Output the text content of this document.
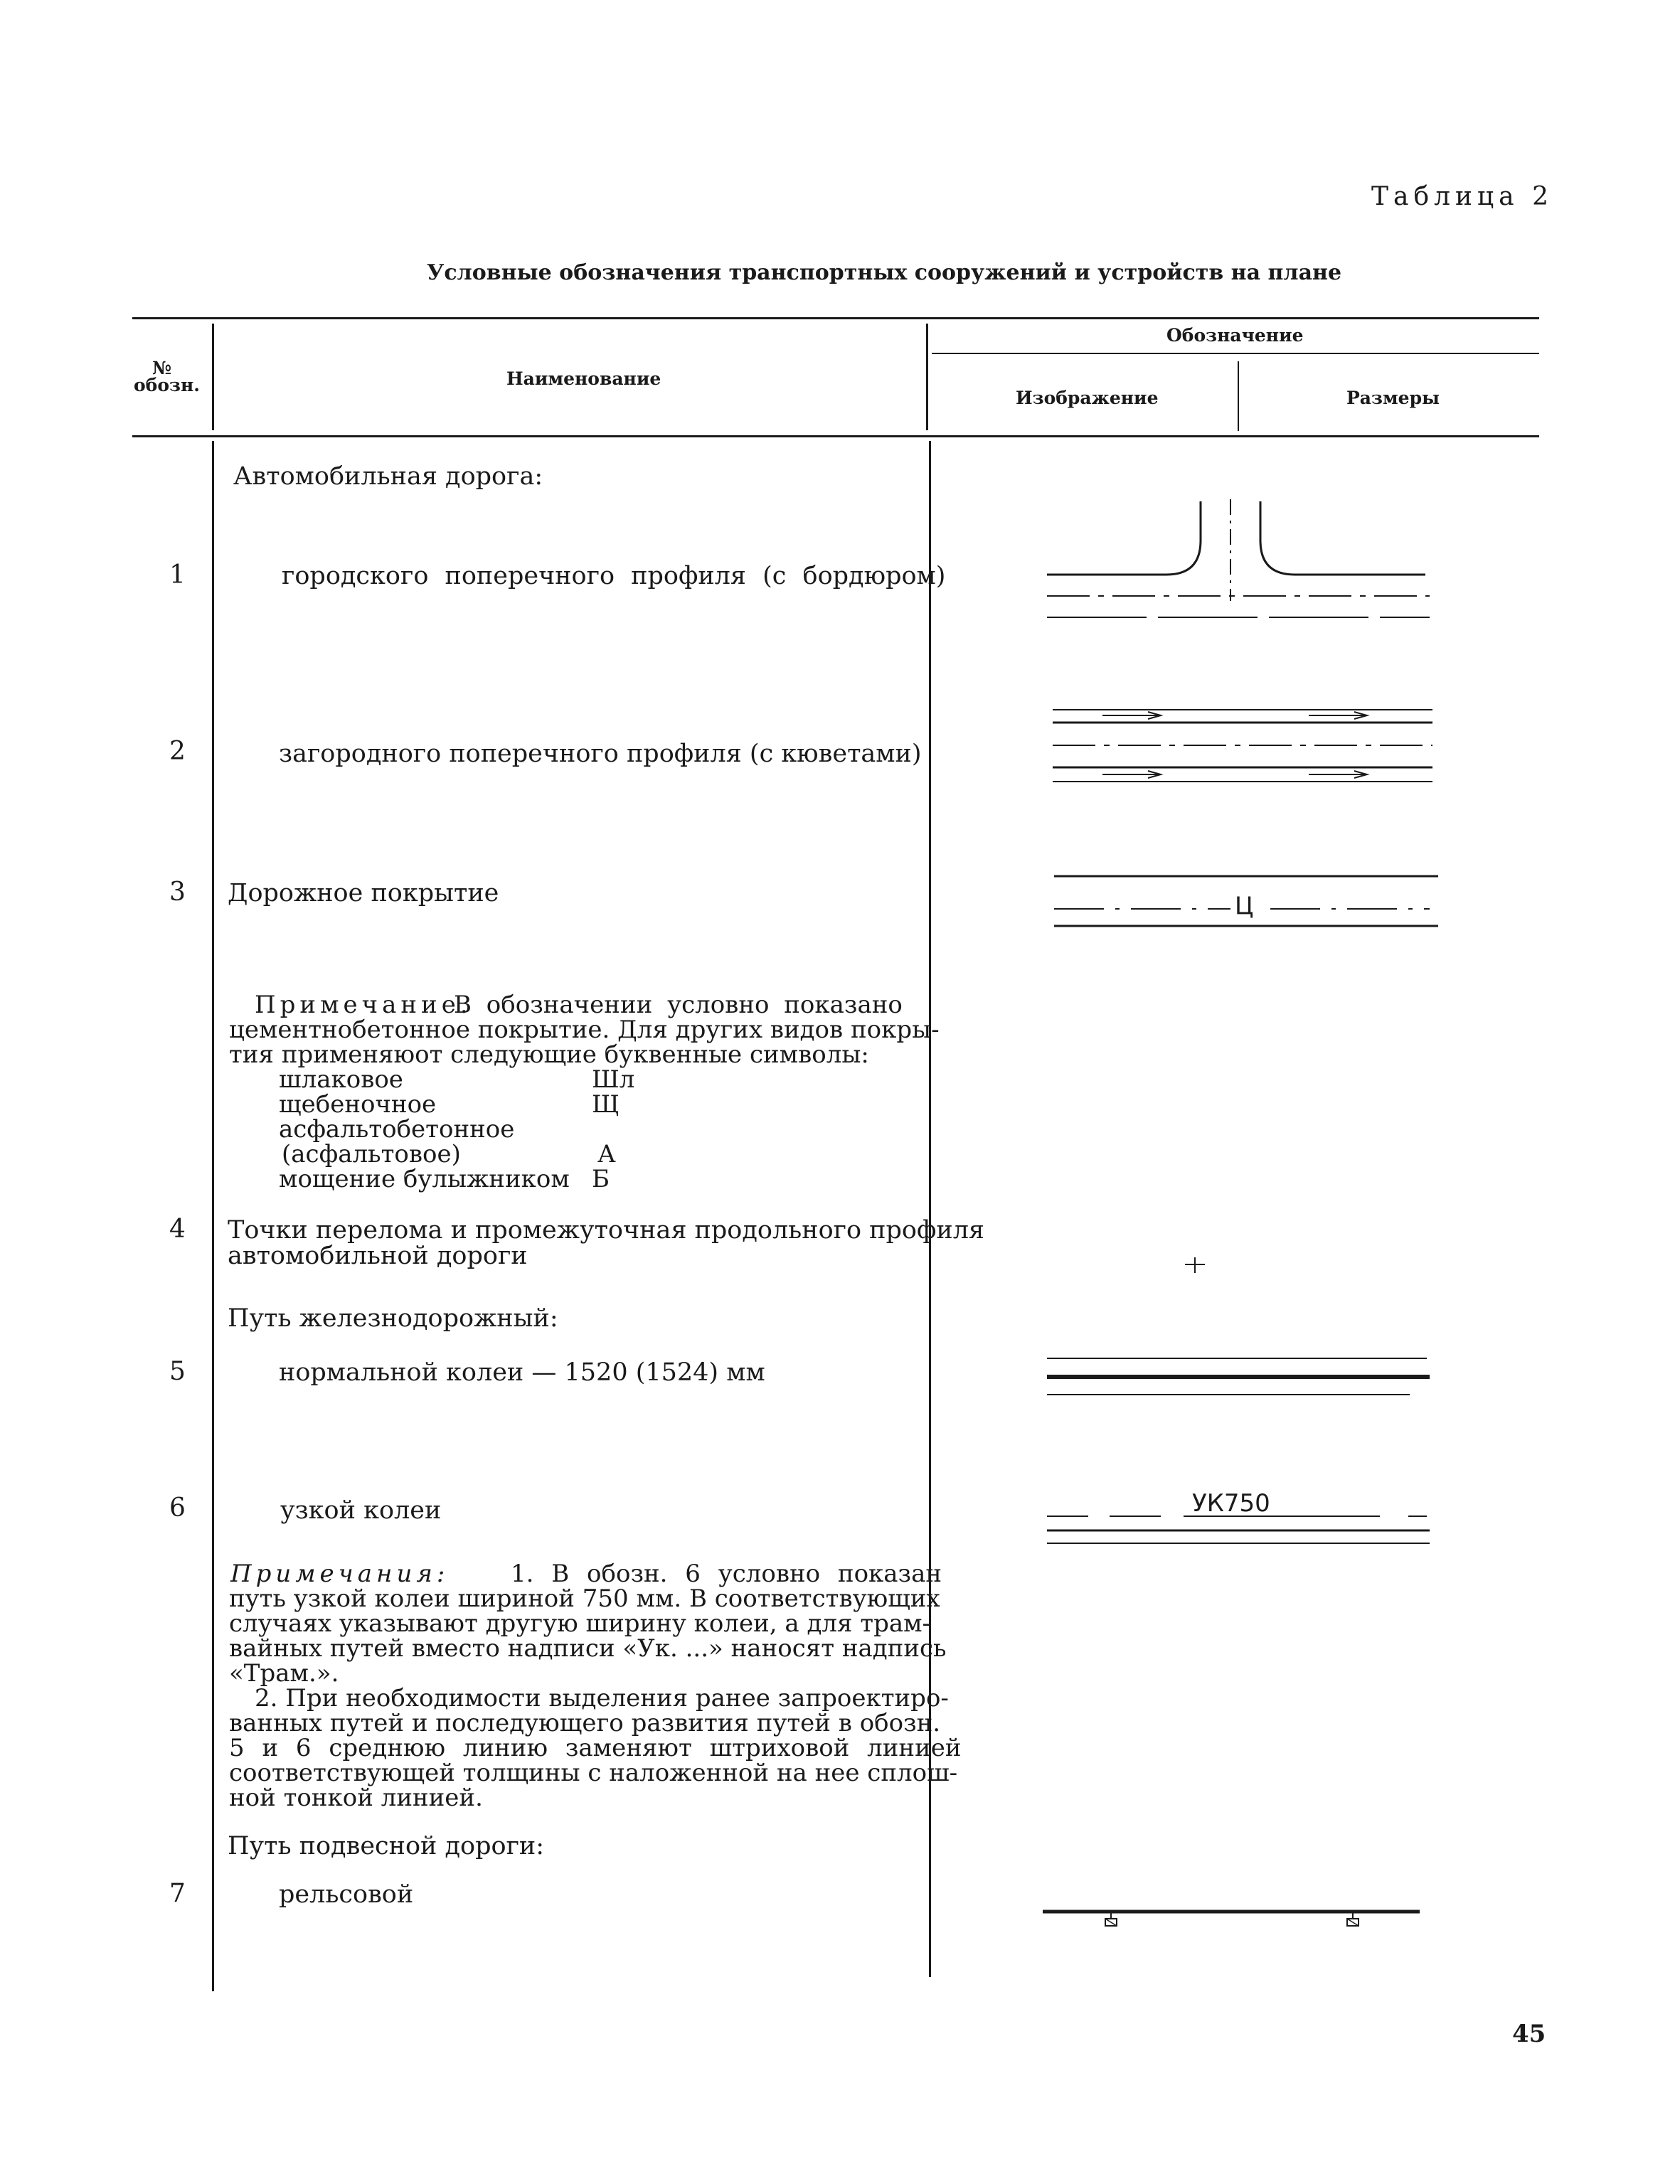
Таблица 2
Условные обозначения транспортных сооружений и устройств на плане
№
обозн.	Наименование
Обозначение
Изображение	Размеры
Автомобильная дорога:
1	городского поперечного профиля (с бордюром)
2	загородного поперечного профиля (с кюветами)
3 Дорожное покрытие
Примечание.
В обозначении условно показано
цементнобетонное покрытие. Для других видов покры-
тия применяюот следующие буквенные символы:
шлаковое	Шл
щебеночное	Щ
асфальтобетонное
(асфальтовое)	А
мощение булыжником Б
4 Точки перелома и промежуточная продольного профиля
автомобильной дороги
Путь железнодорожный:
5	нормальной колеи — 1520 (1524) мм
6	узкой колеи
Примечания:	1. В обозн. 6 условно показан
путь узкой колеи шириной 750 мм. В соответствующих
случаях указывают другую ширину колеи, а для трам-
вайных путей вместо надписи «Ук. ...» наносят надпись
«Трам.».
2. При необходимости выделения ранее запроектиро-
ванных путей и последующего развития путей в обозн.
5 и 6 среднюю линию заменяют штриховой линией
соответствующей толщины с наложенной на нее сплош-
ной тонкой линией.
Путь подвесной дороги:
7	рельсовой
Ц
УК750
45
